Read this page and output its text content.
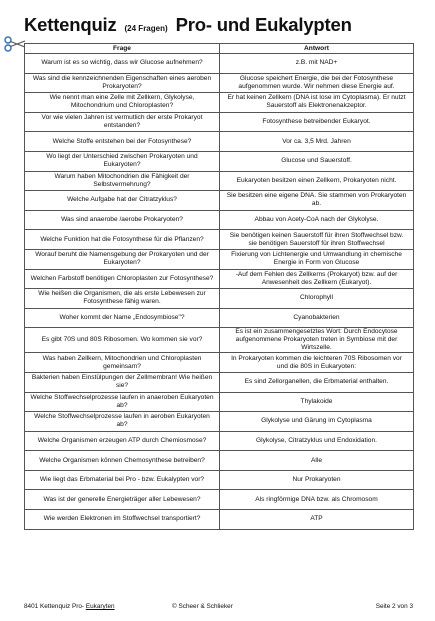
Kettenquiz (24 Fragen) Pro- und Eukalypten
Frage	Antwort
Warum ist es so wichtig, dass wir Glucose aufnehmen?	z.B. mit NAD+
Was sind die kennzeichnenden Eigenschaften eines aeroben Prokaryoten?	Glucose speichert Energie, die bei der Fotosynthese aufgenommen wurde. Wir nehmen diese Energie auf.
Wie nennt man eine Zelle mit Zellkern, Glykolyse, Mitochondrium und Chloroplasten?	Er hat keinen Zellkern (DNA ist lose im Cytoplasma). Er nutzt Sauerstoff als Elektronenakzeptor.
Vor wie vielen Jahren ist vermutlich der erste Prokaryot entstanden?	Fotosynthese betreibender Eukaryot.
Welche Stoffe entstehen bei der Fotosynthese?	Vor ca. 3,5 Mrd. Jahren
Wo liegt der Unterschied zwischen Prokaryoten und Eukaryoten?	Glucose und Sauerstoff.
Warum haben Mitochondrien die Fähigkeit der Selbstvermehrung?	Eukaryoten besitzen einen Zellkern, Prokaryoten nicht.
Welche Aufgabe hat der Citratzyklus?	Sie besitzen eine eigene DNA. Sie stammen von Prokaryoten ab.
Was sind anaerobe /aerobe Prokaryoten?	Abbau von Acety-CoA nach der Glykolyse.
Welche Funktion hat die Fotosynthese für die Pflanzen?	Sie benötigen keinen Sauerstoff für ihren Stoffwechsel bzw. sie benötigen Sauerstoff für ihren Stoffwechsel
Worauf beruht die Namensgebung der Prokaryoten und der Eukaryoten?	Fixierung von Lichtenergie und Umwandlung in chemische Energie in Form von Glucose
Welchen Farbstoff benötigen Chloroplasten zur Fotosynthese?	-Auf dem Fehlen des Zellkerns (Prokaryot) bzw. auf der Anwesenheit des Zellkern (Eukaryot).
Wie heißen die Organismen, die als erste Lebewesen zur Fotosynthese fähig waren.	Chlorophyll
Woher kommt der Name „Endosymbiose"?	Cyanobakterien
Es gibt 70S und 80S Ribosomen. Wo kommen sie vor?	Es ist ein zusammengesetztes Wort: Durch Endocytose aufgenommene Prokaryoten treten in Symbiose mit der Wirtszelle.
Was haben Zellkern, Mitochondrien und Chloroplasten gemeinsam?	In Prokaryoten kommen die leichteren 70S Ribosomen vor und die 80S in Eukaryoten:
Bakterien haben Einstülpungen der Zellmembran! Wie heißen sie?	Es sind Zellorganellen, die Erbmaterial enthalten.
Welche Stoffwechselprozesse laufen in anaeroben Eukaryoten ab?	Thylakoide
Welche Stoffwechselprozesse laufen in aeroben Eukaryoten ab?	Glykolyse und Gärung im Cytoplasma
Welche Organismen erzeugen ATP durch Chemiosmose?	Glykolyse, Citratzyklus und Endoxidation.
Welche Organismen können Chemosynthese betreiben?	Alle
Wie liegt das Erbmaterial bei Pro - bzw. Eukalypten vor?	Nur Prokaryoten
Was ist der generelle Energieträger aller Lebewesen?	Als ringförmige DNA bzw. als Chromosom
Wie werden Elektronen im Stoffwechsel transportiert?	ATP
8401 Kettenquiz Pro- Eukaryten	© Scheer & Schlieker	Seite 2 von 3
